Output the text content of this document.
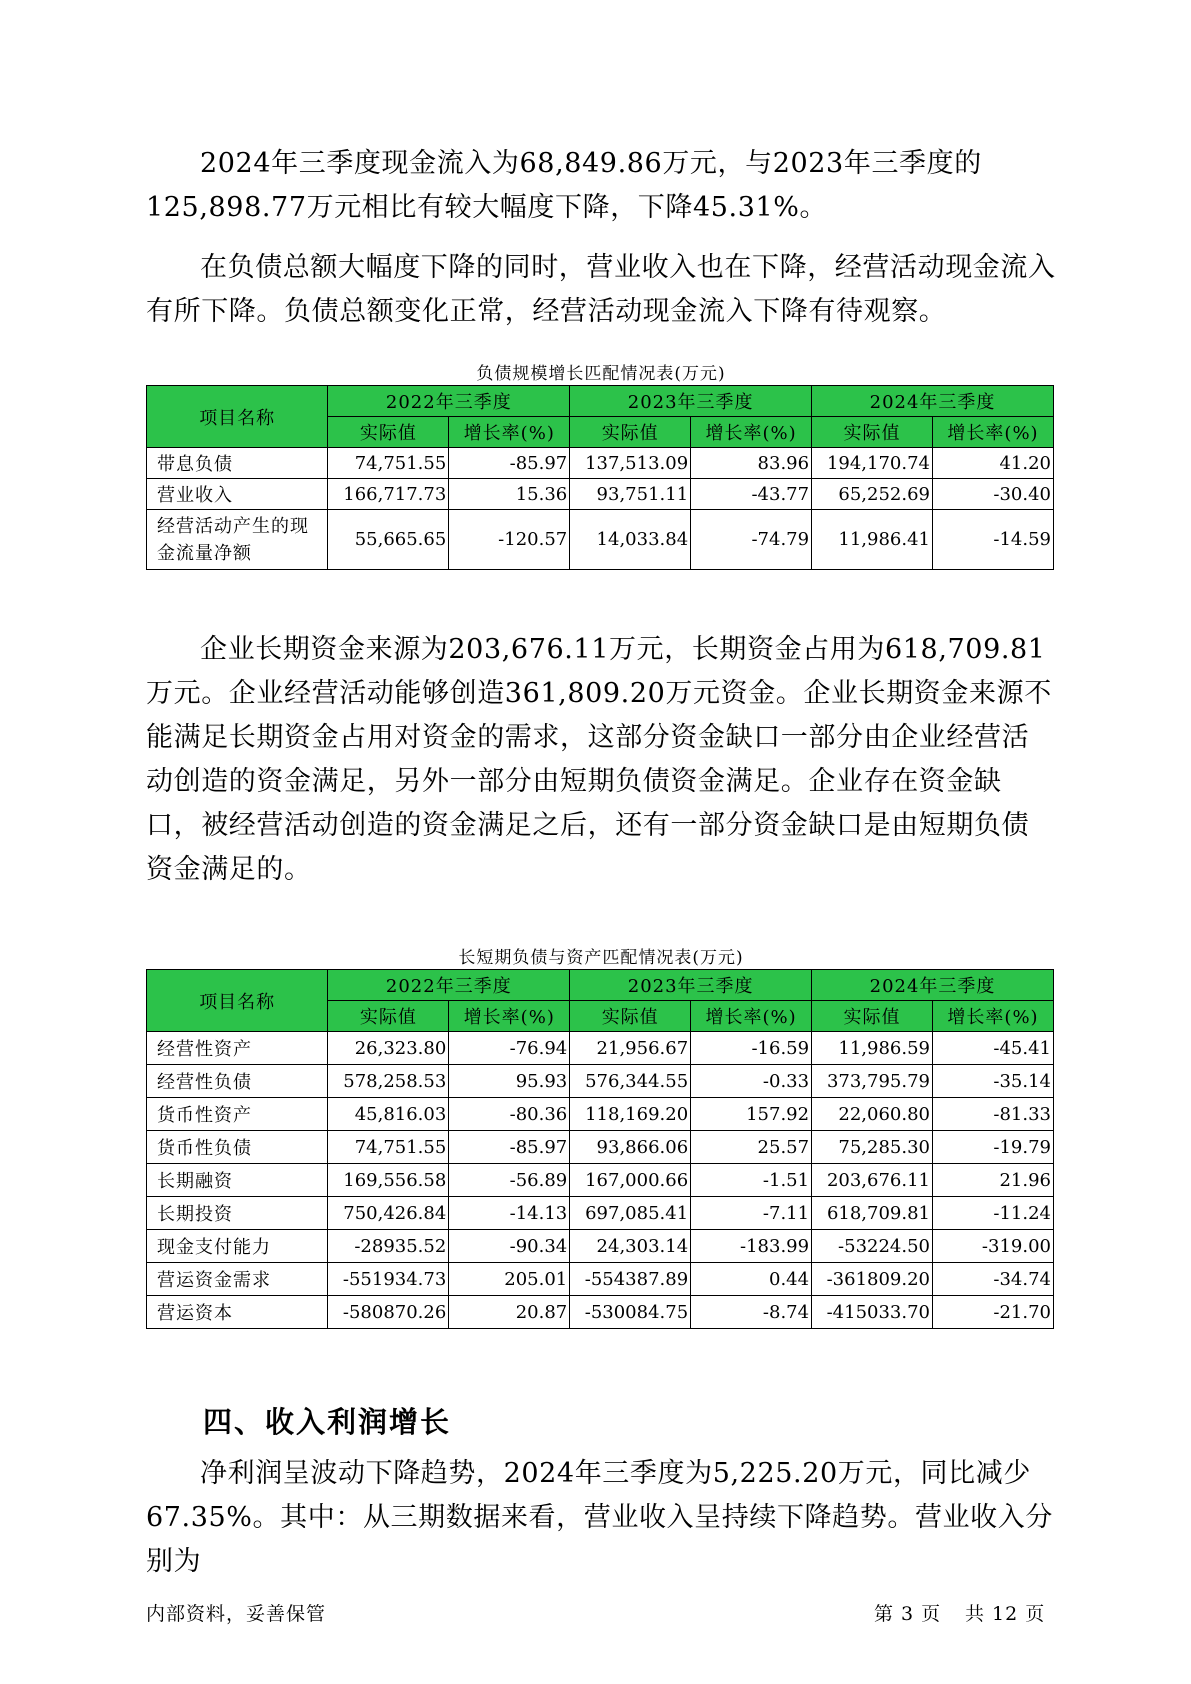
2024年三季度现金流入为68,849.86万元，与2023年三季度的125,898.77万元相比有较大幅度下降，下降45.31%。

在负债总额大幅度下降的同时，营业收入也在下降，经营活动现金流入有所下降。负债总额变化正常，经营活动现金流入下降有待观察。

负债规模增长匹配情况表(万元)
项目名称	2022年三季度		2023年三季度		2024年三季度	
	实际值	增长率(%)	实际值	增长率(%)	实际值	增长率(%)
带息负债	74,751.55	-85.97	137,513.09	83.96	194,170.74	41.20
营业收入	166,717.73	15.36	93,751.11	-43.77	65,252.69	-30.40
经营活动产生的现金流量净额	55,665.65	-120.57	14,033.84	-74.79	11,986.41	-14.59

企业长期资金来源为203,676.11万元，长期资金占用为618,709.81万元。企业经营活动能够创造361,809.20万元资金。企业长期资金来源不能满足长期资金占用对资金的需求，这部分资金缺口一部分由企业经营活动创造的资金满足，另外一部分由短期负债资金满足。企业存在资金缺口，被经营活动创造的资金满足之后，还有一部分资金缺口是由短期负债资金满足的。

长短期负债与资产匹配情况表(万元)
项目名称	2022年三季度		2023年三季度		2024年三季度	
	实际值	增长率(%)	实际值	增长率(%)	实际值	增长率(%)
经营性资产	26,323.80	-76.94	21,956.67	-16.59	11,986.59	-45.41
经营性负债	578,258.53	95.93	576,344.55	-0.33	373,795.79	-35.14
货币性资产	45,816.03	-80.36	118,169.20	157.92	22,060.80	-81.33
货币性负债	74,751.55	-85.97	93,866.06	25.57	75,285.30	-19.79
长期融资	169,556.58	-56.89	167,000.66	-1.51	203,676.11	21.96
长期投资	750,426.84	-14.13	697,085.41	-7.11	618,709.81	-11.24
现金支付能力	-28935.52	-90.34	24,303.14	-183.99	-53224.50	-319.00
营运资金需求	-551934.73	205.01	-554387.89	0.44	-361809.20	-34.74
营运资本	-580870.26	20.87	-530084.75	-8.74	-415033.70	-21.70
四、收入利润增长

净利润呈波动下降趋势，2024年三季度为5,225.20万元，同比减少67.35%。其中：从三期数据来看，营业收入呈持续下降趋势。营业收入分别为

内部资料，妥善保管	第 3 页 共 12 页
